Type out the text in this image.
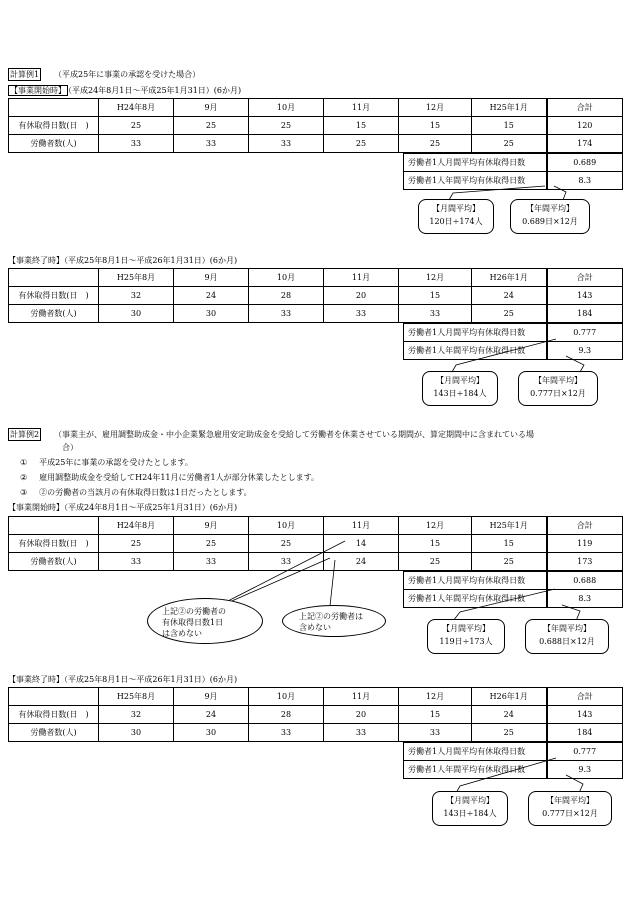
計算例1 （平成25年に事業の承認を受けた場合）
【事業開始時】 （平成24年8月1日～平成25年1月31日）(6か月)
	H24年8月	9月	10月	11月	12月	H25年1月	合計
有休取得日数(日　)	25	25	25	15	15	15	120
労働者数(人)	33	33	33	25	25	25	174
労働者1人月間平均有休取得日数	0.689
労働者1人年間平均有休取得日数	8.3
【月間平均】
120日÷174人
【年間平均】
0.689日×12月
【事業終了時】（平成25年8月1日～平成26年1月31日）(6か月)
	H25年8月	9月	10月	11月	12月	H26年1月	合計
有休取得日数(日　)	32	24	28	20	15	24	143
労働者数(人)	30	30	33	33	33	25	184
労働者1人月間平均有休取得日数	0.777
労働者1人年間平均有休取得日数	9.3
【月間平均】
143日÷184人
【年間平均】
0.777日×12月
計算例2 （事業主が、雇用調整助成金・中小企業緊急雇用安定助成金を受給して労働者を休業させている期間が、算定期間中に含まれている場
合）
① 平成25年に事業の承認を受けたとします。
② 雇用調整助成金を受給してH24年11月に労働者1人が部分休業したとします。
③ ②の労働者の当該月の有休取得日数は1日だったとします。
【事業開始時】（平成24年8月1日～平成25年1月31日）(6か月)
	H24年8月	9月	10月	11月	12月	H25年1月	合計
有休取得日数(日　)	25	25	25	14	15	15	119
労働者数(人)	33	33	33	24	25	25	173
労働者1人月間平均有休取得日数	0.688
労働者1人年間平均有休取得日数	8.3
上記②の労働者の
有休取得日数1日
は含めない
上記②の労働者は
含めない	【月間平均】
119日÷173人
【年間平均】
0.688日×12月
【事業終了時】（平成25年8月1日～平成26年1月31日）(6か月)
	H25年8月	9月	10月	11月	12月	H26年1月	合計
有休取得日数(日　)	32	24	28	20	15	24	143
労働者数(人)	30	30	33	33	33	25	184
労働者1人月間平均有休取得日数	0.777
労働者1人年間平均有休取得日数	9.3
【月間平均】
143日÷184人
【年間平均】
0.777日×12月
